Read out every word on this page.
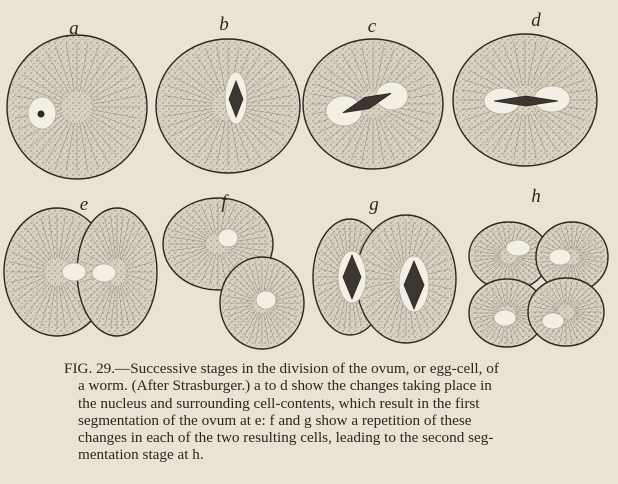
a	b	c	d
e	f	g	h
FIG. 29.—Successive stages in the division of the ovum, or egg-cell, of
a worm. (After Strasburger.) a to d show the changes taking place in
the nucleus and surrounding cell-contents, which result in the first
segmentation of the ovum at e: f and g show a repetition of these
changes in each of the two resulting cells, leading to the second seg-
mentation stage at h.
